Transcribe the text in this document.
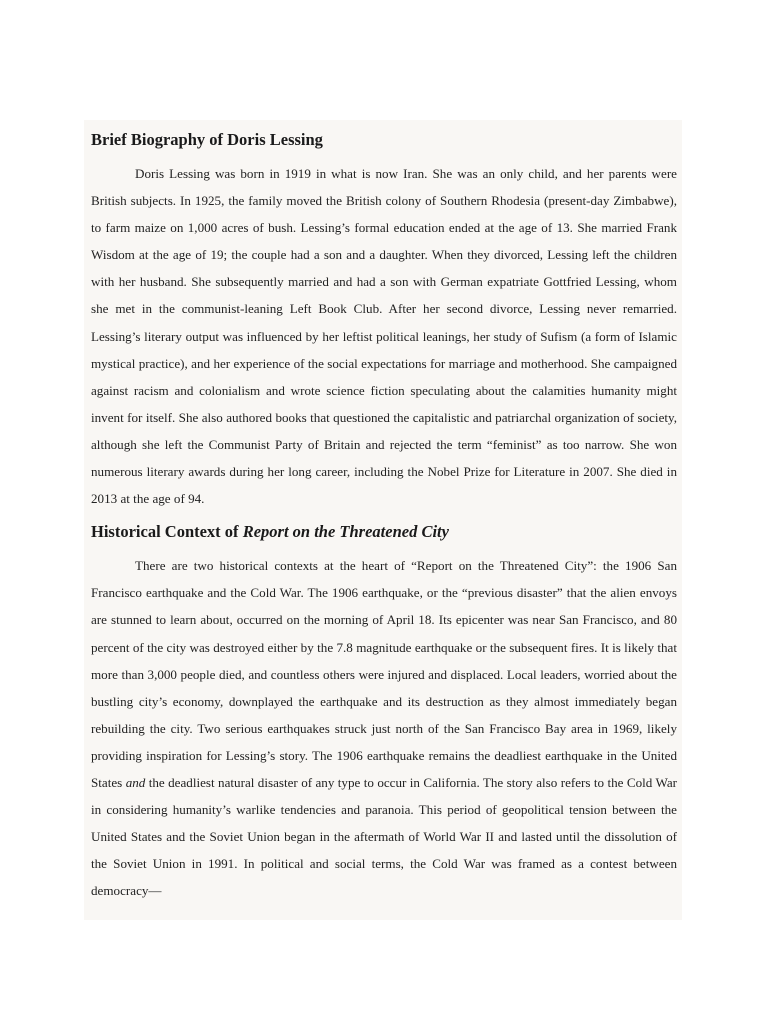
Brief Biography of Doris Lessing

Doris Lessing was born in 1919 in what is now Iran. She was an only child, and her parents were British subjects. In 1925, the family moved the British colony of Southern Rhodesia (present-day Zimbabwe), to farm maize on 1,000 acres of bush. Lessing’s formal education ended at the age of 13. She married Frank Wisdom at the age of 19; the couple had a son and a daughter. When they divorced, Lessing left the children with her husband. She subsequently married and had a son with German expatriate Gottfried Lessing, whom she met in the communist-leaning Left Book Club. After her second divorce, Lessing never remarried. Lessing’s literary output was influenced by her leftist political leanings, her study of Sufism (a form of Islamic mystical practice), and her experience of the social expectations for marriage and motherhood. She campaigned against racism and colonialism and wrote science fiction speculating about the calamities humanity might invent for itself. She also authored books that questioned the capitalistic and patriarchal organization of society, although she left the Communist Party of Britain and rejected the term “feminist” as too narrow. She won numerous literary awards during her long career, including the Nobel Prize for Literature in 2007. She died in 2013 at the age of 94.

Historical Context of Report on the Threatened City

There are two historical contexts at the heart of “Report on the Threatened City”: the 1906 San Francisco earthquake and the Cold War. The 1906 earthquake, or the “previous disaster” that the alien envoys are stunned to learn about, occurred on the morning of April 18. Its epicenter was near San Francisco, and 80 percent of the city was destroyed either by the 7.8 magnitude earthquake or the subsequent fires. It is likely that more than 3,000 people died, and countless others were injured and displaced. Local leaders, worried about the bustling city’s economy, downplayed the earthquake and its destruction as they almost immediately began rebuilding the city. Two serious earthquakes struck just north of the San Francisco Bay area in 1969, likely providing inspiration for Lessing’s story. The 1906 earthquake remains the deadliest earthquake in the United States and the deadliest natural disaster of any type to occur in California. The story also refers to the Cold War in considering humanity’s warlike tendencies and paranoia. This period of geopolitical tension between the United States and the Soviet Union began in the aftermath of World War II and lasted until the dissolution of the Soviet Union in 1991. In political and social terms, the Cold War was framed as a contest between democracy—
